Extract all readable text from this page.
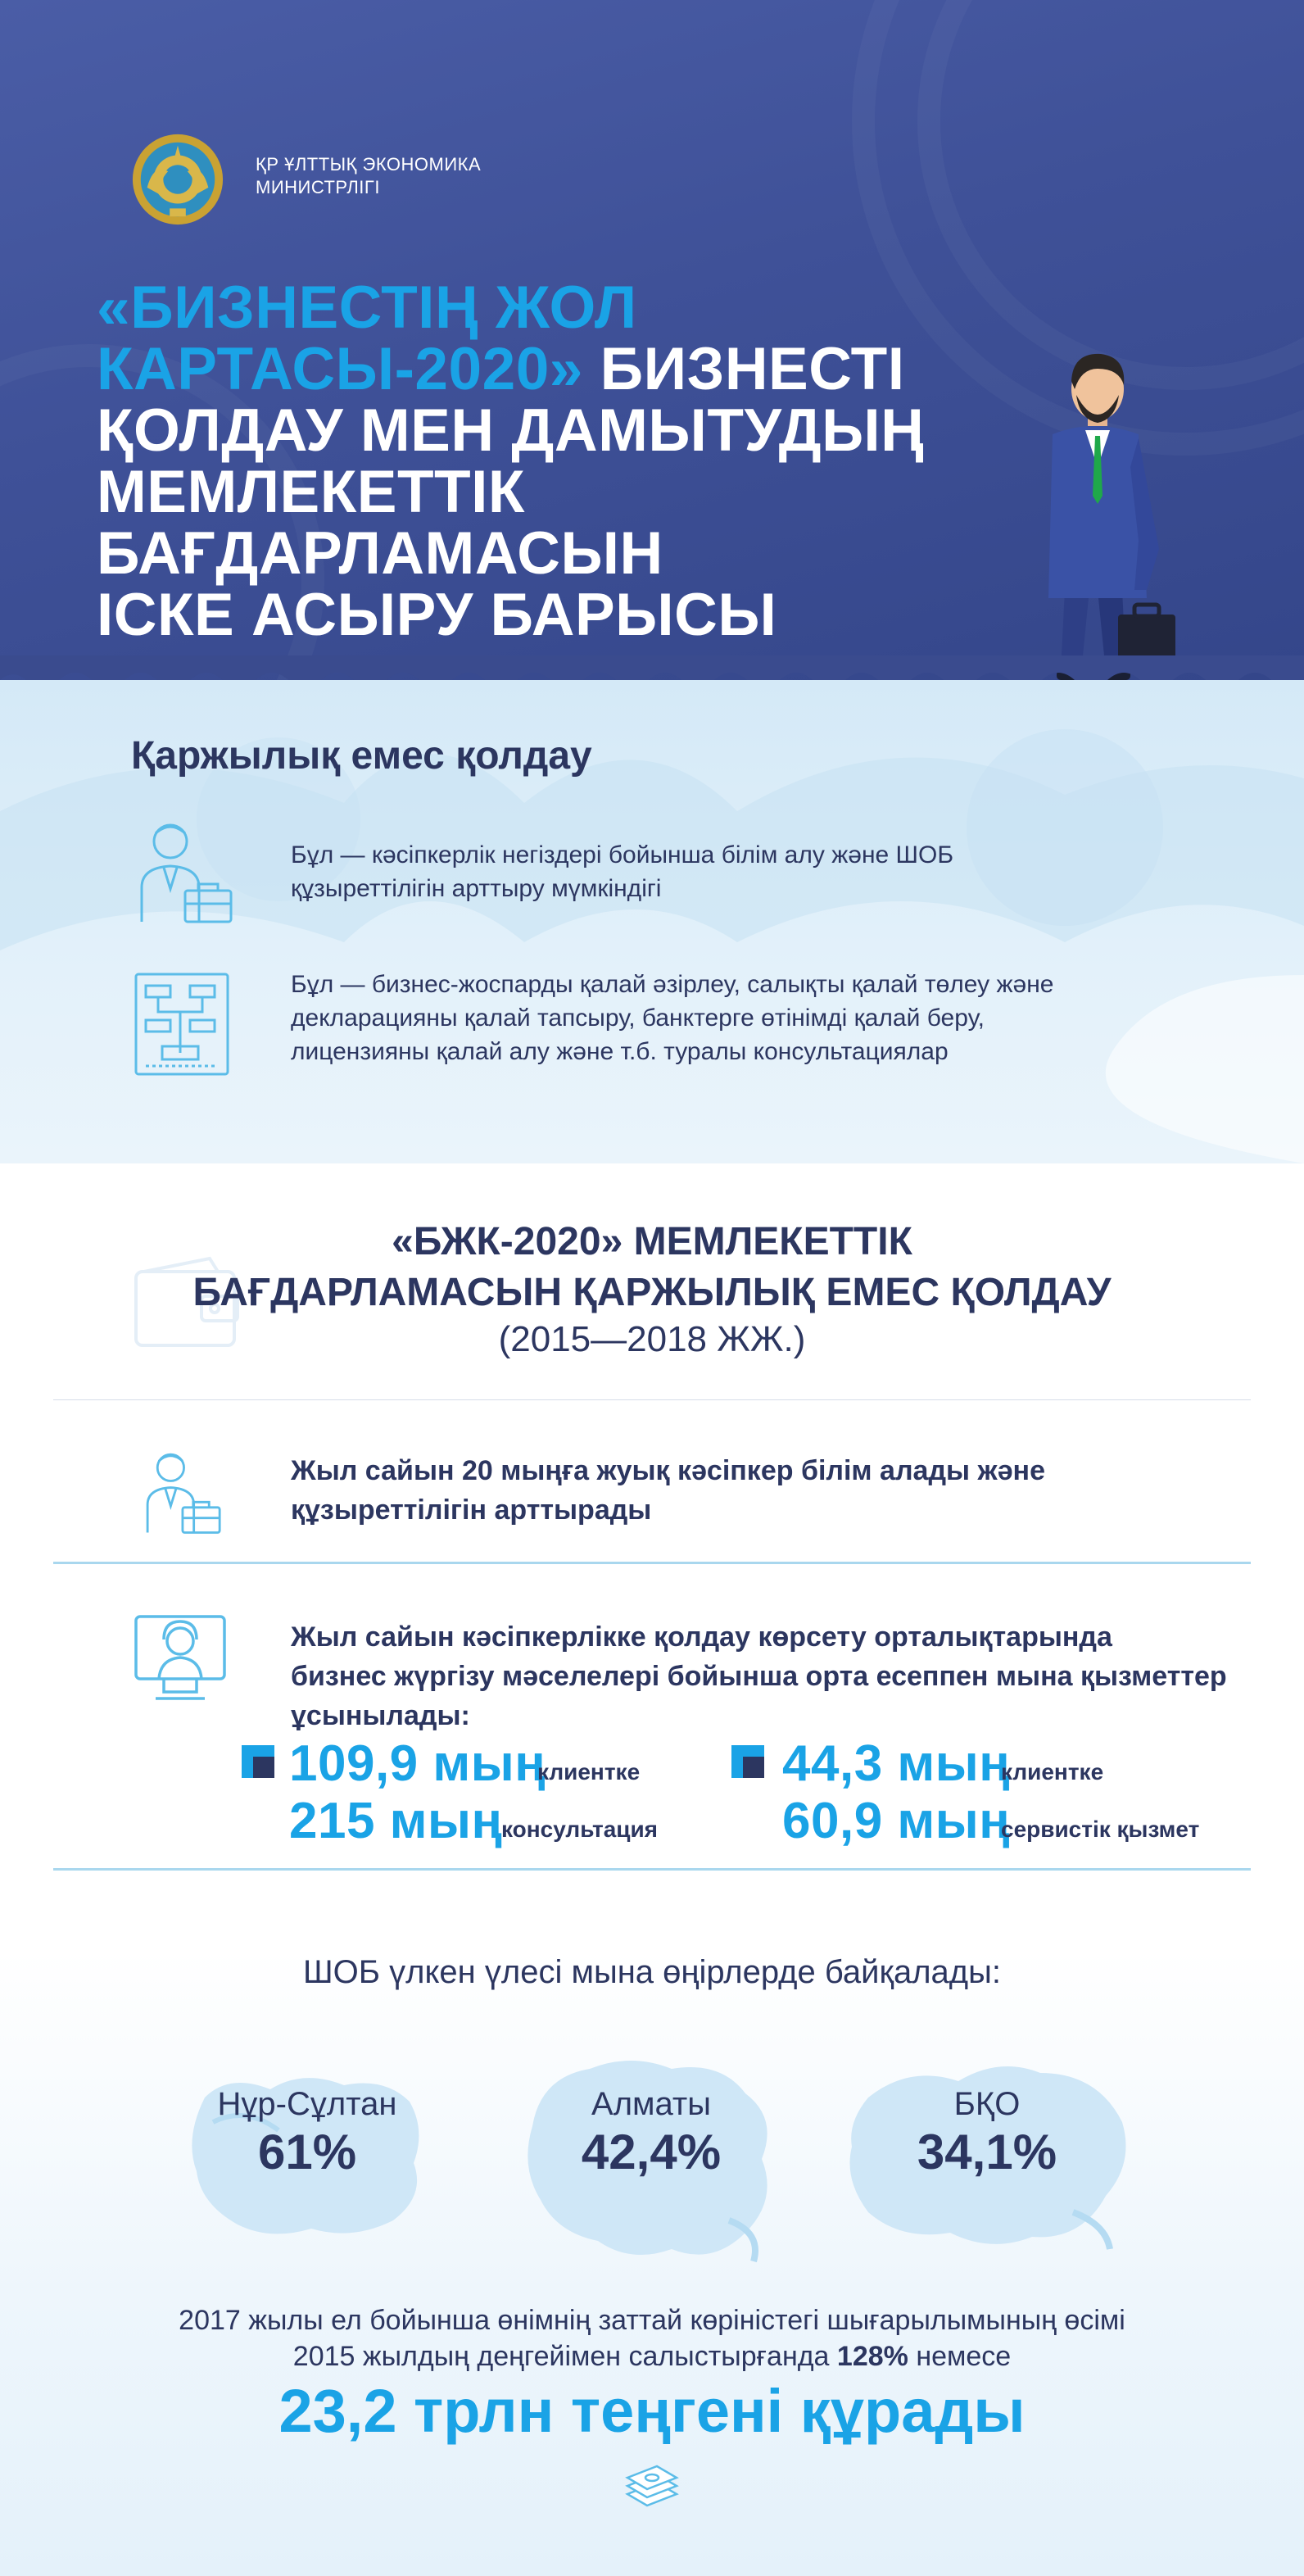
ҚР ҰЛТТЫҚ ЭКОНОМИКА
МИНИСТРЛІГІ
«БИЗНЕСТІҢ ЖОЛ
КАРТАСЫ-2020» БИЗНЕСТІ
ҚОЛДАУ МЕН ДАМЫТУДЫҢ
МЕМЛЕКЕТТІК БАҒДАРЛАМАСЫН
ІСКЕ АСЫРУ БАРЫСЫ
Қаржылық емес қолдау
Бұл — кәсіпкерлік негіздері бойынша білім алу және ШОБ
құзыреттілігін арттыру мүмкіндігі
Бұл — бизнес-жоспарды қалай әзірлеу, салықты қалай төлеу және
декларацияны қалай тапсыру, банктерге өтінімді қалай беру,
лицензияны қалай алу және т.б. туралы консультациялар
«БЖК-2020» МЕМЛЕКЕТТІК
БАҒДАРЛАМАСЫН ҚАРЖЫЛЫҚ ЕМЕС ҚОЛДАУ
(2015—2018 ЖЖ.)
Жыл сайын 20 мыңға жуық кәсіпкер білім алады және
құзыреттілігін арттырады
Жыл сайын кәсіпкерлікке қолдау көрсету орталықтарында
бизнес жүргізу мәселелері бойынша орта есеппен мына қызметтер
ұсынылады:
109,9 мың
клиентке
215 мың
консультация
44,3 мың
клиентке
60,9 мың
сервистік қызмет
ШОБ үлкен үлесі мына өңірлерде байқалады:
Нұр-Сұлтан
61%
Алматы
42,4%
БҚО
34,1%
2017 жылы ел бойынша өнімнің заттай көріністегі шығарылымының өсімі
2015 жылдың деңгейімен салыстырғанда 128% немесе
23,2 трлн теңгені құрады
